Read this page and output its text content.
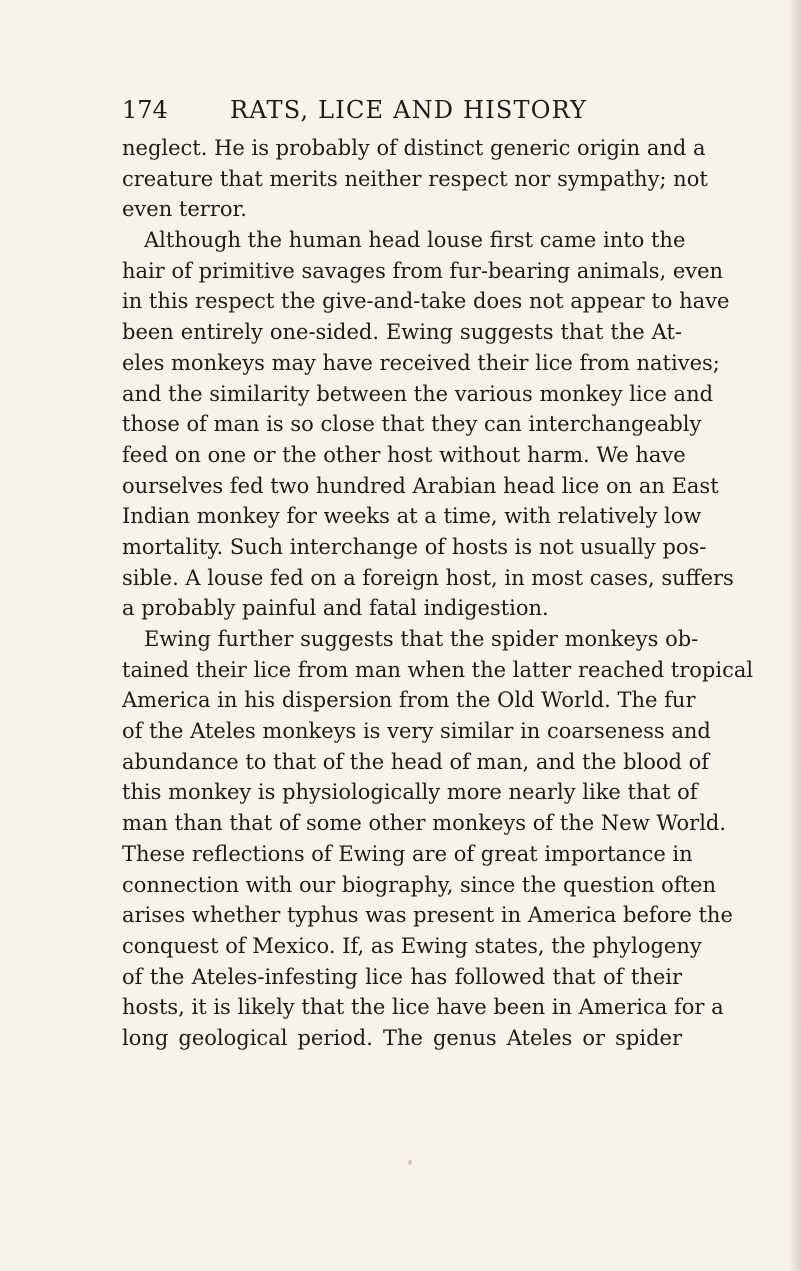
174	RATS, LICE AND HISTORY
neglect. He is probably of distinct generic origin and a
creature that merits neither respect nor sympathy; not
even terror.
Although the human head louse first came into the
hair of primitive savages from fur-bearing animals, even
in this respect the give-and-take does not appear to have
been entirely one-sided. Ewing suggests that the At-
eles monkeys may have received their lice from natives;
and the similarity between the various monkey lice and
those of man is so close that they can interchangeably
feed on one or the other host without harm. We have
ourselves fed two hundred Arabian head lice on an East
Indian monkey for weeks at a time, with relatively low
mortality. Such interchange of hosts is not usually pos-
sible. A louse fed on a foreign host, in most cases, suffers
a probably painful and fatal indigestion.
Ewing further suggests that the spider monkeys ob-
tained their lice from man when the latter reached tropical
America in his dispersion from the Old World. The fur
of the Ateles monkeys is very similar in coarseness and
abundance to that of the head of man, and the blood of
this monkey is physiologically more nearly like that of
man than that of some other monkeys of the New World.
These reflections of Ewing are of great importance in
connection with our biography, since the question often
arises whether typhus was present in America before the
conquest of Mexico. If, as Ewing states, the phylogeny
of the Ateles-infesting lice has followed that of their
hosts, it is likely that the lice have been in America for a
long geological period. The genus Ateles or spider
